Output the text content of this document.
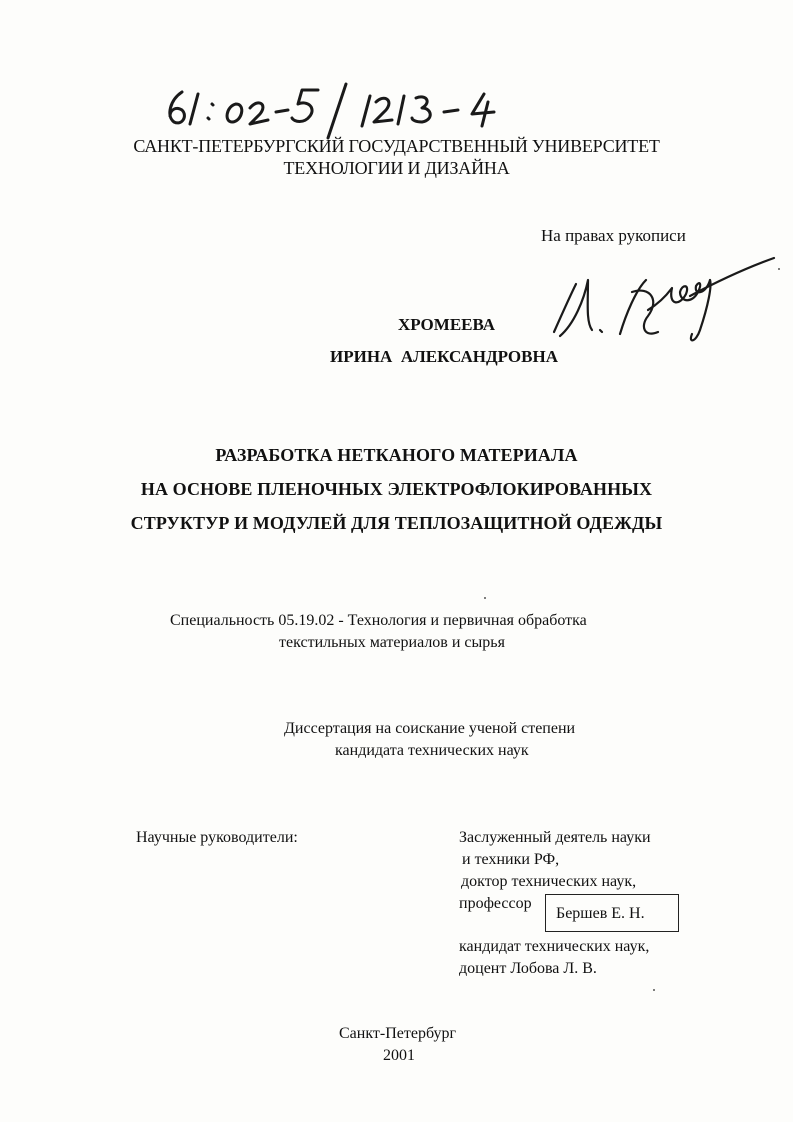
САНКТ-ПЕТЕРБУРГСКИЙ ГОСУДАРСТВЕННЫЙ УНИВЕРСИТЕТ
ТЕХНОЛОГИИ И ДИЗАЙНА
На правах рукописи
ХРОМЕЕВА
ИРИНА  АЛЕКСАНДРОВНА
РАЗРАБОТКА НЕТКАНОГО МАТЕРИАЛА
НА ОСНОВЕ ПЛЕНОЧНЫХ ЭЛЕКТРОФЛОКИРОВАННЫХ
СТРУКТУР И МОДУЛЕЙ ДЛЯ ТЕПЛОЗАЩИТНОЙ ОДЕЖДЫ
Специальность 05.19.02 - Технология и первичная обработка
текстильных материалов и сырья
Диссертация на соискание ученой степени
кандидата технических наук
Научные руководители:	Заслуженный деятель науки
и техники РФ,
доктор технических наук,
профессор
Бершев Е. Н.
кандидат технических наук,
доцент Лобова Л. В.
Санкт-Петербург
2001
